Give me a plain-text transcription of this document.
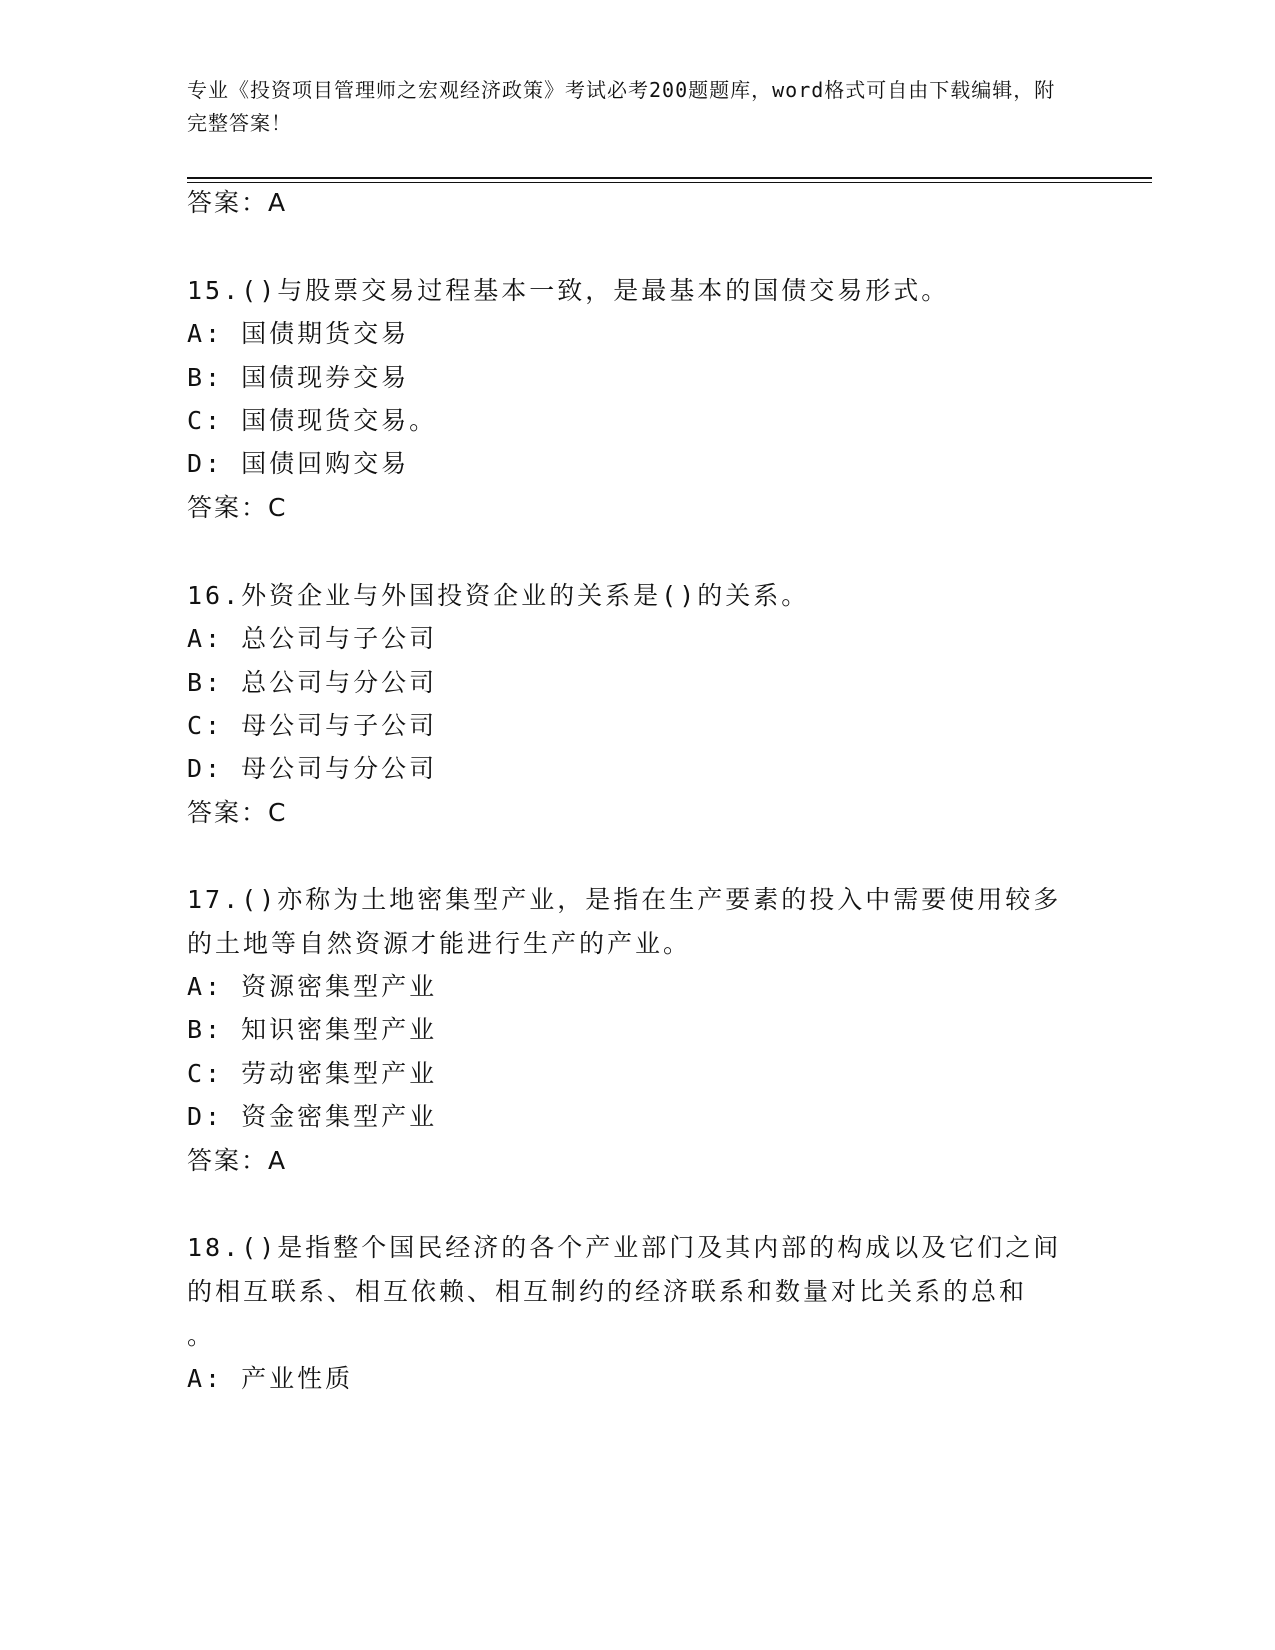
专业《投资项目管理师之宏观经济政策》考试必考200题题库，word格式可自由下载编辑，附完整答案！
答案：A
15.()与股票交易过程基本一致，是最基本的国债交易形式。
A: 国债期货交易
B: 国债现券交易
C: 国债现货交易。
D: 国债回购交易
答案：C
16.外资企业与外国投资企业的关系是()的关系。
A: 总公司与子公司
B: 总公司与分公司
C: 母公司与子公司
D: 母公司与分公司
答案：C
17.()亦称为土地密集型产业，是指在生产要素的投入中需要使用较多
的土地等自然资源才能进行生产的产业。
A: 资源密集型产业
B: 知识密集型产业
C: 劳动密集型产业
D: 资金密集型产业
答案：A
18.()是指整个国民经济的各个产业部门及其内部的构成以及它们之间
的相互联系、相互依赖、相互制约的经济联系和数量对比关系的总和
。
A: 产业性质
